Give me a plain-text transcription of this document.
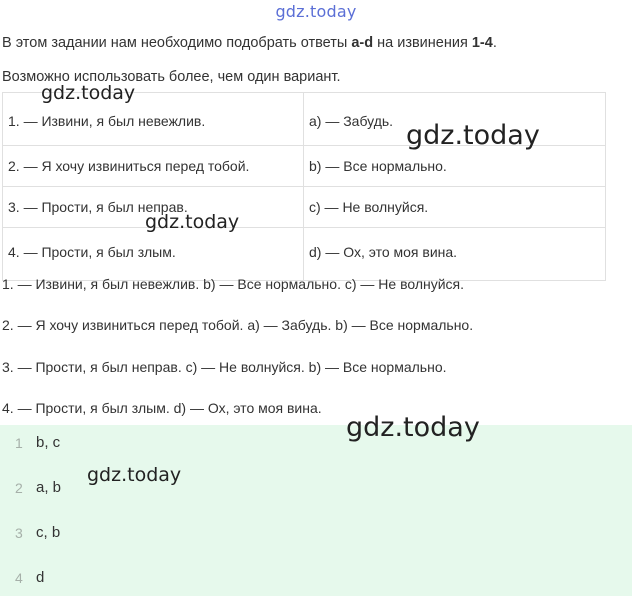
gdz.today
В этом задании нам необходимо подобрать ответы a-d на извинения 1-4.
Возможно использовать более, чем один вариант.
1. — Извини, я был невежлив.	a) — Забудь.
2. — Я хочу извиниться перед тобой.	b) — Все нормально.
3. — Прости, я был неправ.	c) — Не волнуйся.
4. — Прости, я был злым.	d) — Ох, это моя вина.
1. — Извини, я был невежлив. b) — Все нормально. c) — Не волнуйся.
2. — Я хочу извиниться перед тобой. a) — Забудь. b) — Все нормально.
3. — Прости, я был неправ. c) — Не волнуйся. b) — Все нормально.
4. — Прости, я был злым. d) — Ох, это моя вина.
1 b, c
2 a, b
3 c, b
4 d
gdz.today
gdz.today
gdz.today
gdz.today
gdz.today
